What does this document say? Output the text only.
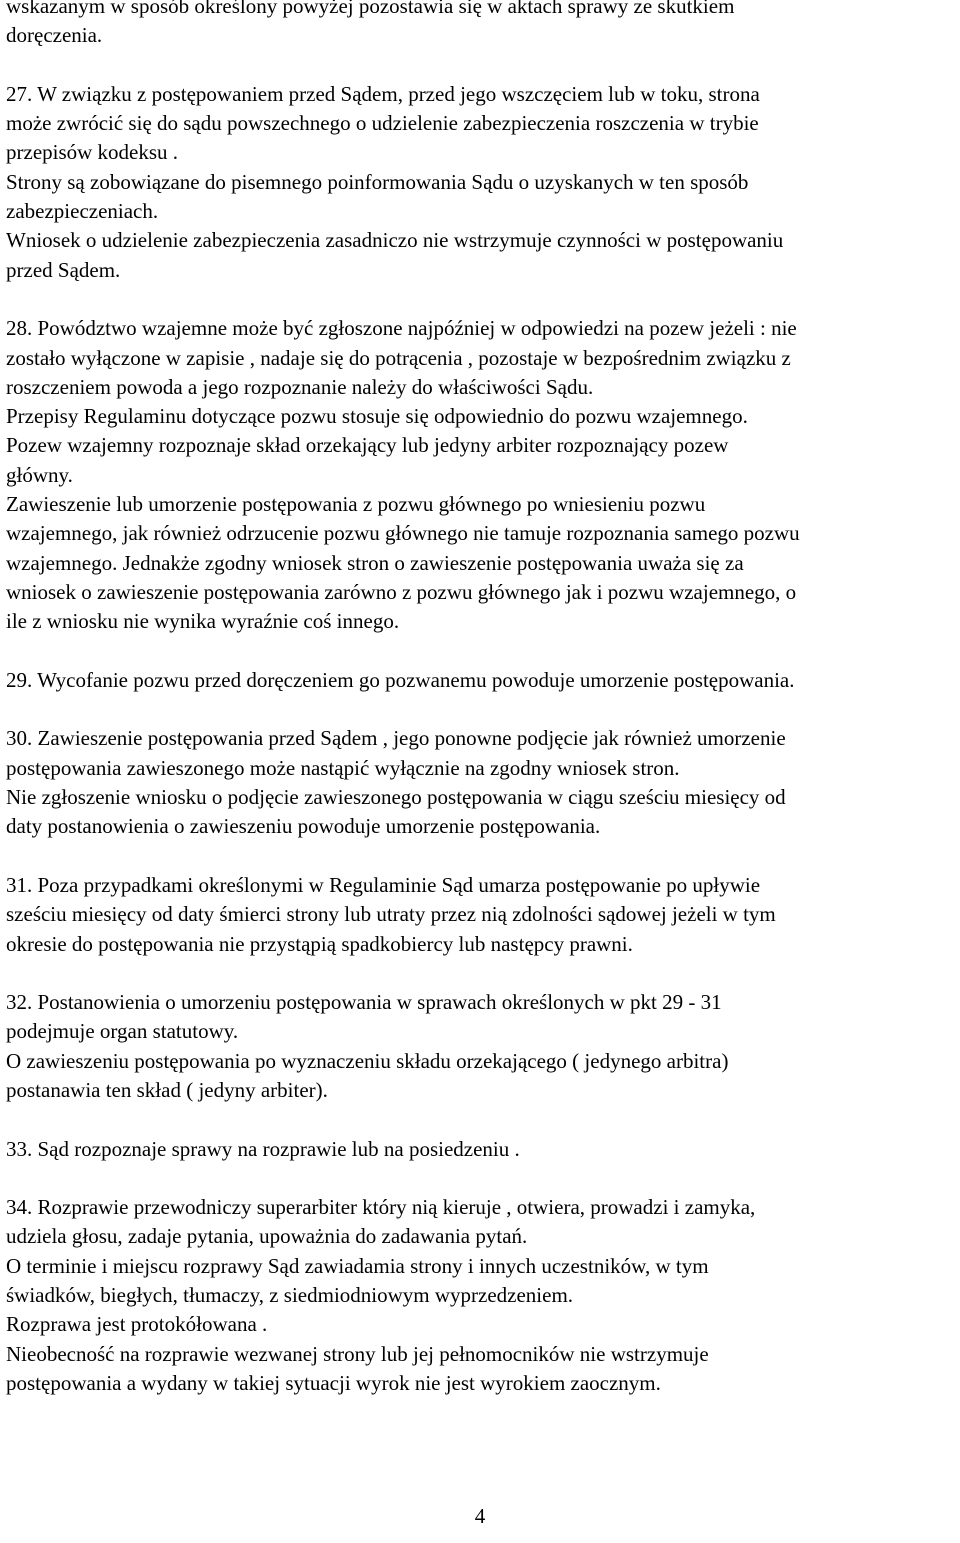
wskazanym w sposób określony powyżej pozostawia się w aktach sprawy ze skutkiem
doręczenia.
27. W związku z postępowaniem przed Sądem, przed jego wszczęciem lub w toku, strona
może zwrócić się do sądu powszechnego o udzielenie zabezpieczenia roszczenia w trybie
przepisów kodeksu .
Strony są zobowiązane do pisemnego poinformowania Sądu o uzyskanych w ten sposób
zabezpieczeniach.
Wniosek o udzielenie zabezpieczenia zasadniczo nie wstrzymuje czynności w postępowaniu
przed Sądem.
28. Powództwo wzajemne może być zgłoszone najpóźniej w odpowiedzi na pozew jeżeli : nie
zostało wyłączone w zapisie , nadaje się do potrącenia , pozostaje w bezpośrednim związku z
roszczeniem powoda a jego rozpoznanie należy do właściwości Sądu.
Przepisy Regulaminu dotyczące pozwu stosuje się odpowiednio do pozwu wzajemnego.
Pozew wzajemny rozpoznaje skład orzekający lub jedyny arbiter rozpoznający pozew
główny.
Zawieszenie lub umorzenie postępowania z pozwu głównego po wniesieniu pozwu
wzajemnego, jak również odrzucenie pozwu głównego nie tamuje rozpoznania samego pozwu
wzajemnego. Jednakże zgodny wniosek stron o zawieszenie postępowania uważa się za
wniosek o zawieszenie postępowania zarówno z pozwu głównego jak i pozwu wzajemnego, o
ile z wniosku nie wynika wyraźnie coś innego.
29. Wycofanie pozwu przed doręczeniem go pozwanemu powoduje umorzenie postępowania.
30. Zawieszenie postępowania przed Sądem , jego ponowne podjęcie jak również umorzenie
postępowania zawieszonego może nastąpić wyłącznie na zgodny wniosek stron.
Nie zgłoszenie wniosku o podjęcie zawieszonego postępowania w ciągu sześciu miesięcy od
daty postanowienia o zawieszeniu powoduje umorzenie postępowania.
31. Poza przypadkami określonymi w Regulaminie Sąd umarza postępowanie po upływie
sześciu miesięcy od daty śmierci strony lub utraty przez nią zdolności sądowej jeżeli w tym
okresie do postępowania nie przystąpią spadkobiercy lub następcy prawni.
32. Postanowienia o umorzeniu postępowania w sprawach określonych w pkt 29 - 31
podejmuje organ statutowy.
O zawieszeniu postępowania po wyznaczeniu składu orzekającego ( jedynego arbitra)
postanawia ten skład ( jedyny arbiter).
33. Sąd rozpoznaje sprawy na rozprawie lub na posiedzeniu .
34. Rozprawie przewodniczy superarbiter który nią kieruje , otwiera, prowadzi i zamyka,
udziela głosu, zadaje pytania, upoważnia do zadawania pytań.
O terminie i miejscu rozprawy Sąd zawiadamia strony i innych uczestników, w tym
świadków, biegłych, tłumaczy, z siedmiodniowym wyprzedzeniem.
Rozprawa jest protokółowana .
Nieobecność na rozprawie wezwanej strony lub jej pełnomocników nie wstrzymuje
postępowania a wydany w takiej sytuacji wyrok nie jest wyrokiem zaocznym.
4
